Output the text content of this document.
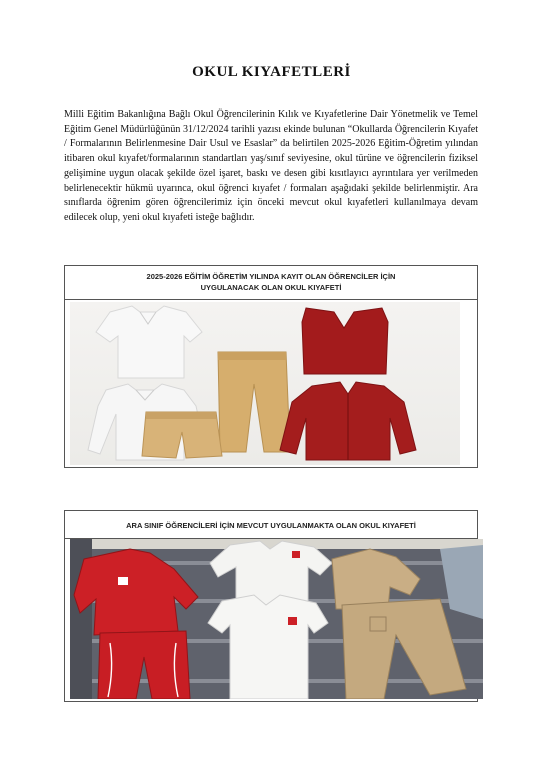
OKUL KIYAFETLERİ
Milli Eğitim Bakanlığına Bağlı Okul Öğrencilerinin Kılık ve Kıyafetlerine Dair Yönetmelik ve Temel Eğitim Genel Müdürlüğünün 31/12/2024 tarihli yazısı ekinde bulunan “Okullarda Öğrencilerin Kıyafet / Formalarının Belirlenmesine Dair Usul ve Esaslar” da belirtilen 2025-2026 Eğitim-Öğretim yılından itibaren okul kıyafet/formalarının standartları yaş/sınıf seviyesine, okul türüne ve öğrencilerin fiziksel gelişimine uygun olacak şekilde özel işaret, baskı ve desen gibi kısıtlayıcı ayrıntılara yer verilmeden belirlenecektir hükmü uyarınca, okul öğrenci kıyafet / formaları aşağıdaki şekilde belirlenmiştir. Ara sınıflarda öğrenim gören öğrencilerimiz için önceki mevcut okul kıyafetleri kullanılmaya devam edilecek olup, yeni okul kıyafeti isteğe bağlıdır.
2025-2026 EĞİTİM ÖĞRETİM YILINDA KAYIT OLAN ÖĞRENCİLER İÇİN
UYGULANACAK OLAN OKUL KIYAFETİ
ARA SINIF ÖĞRENCİLERİ İÇİN MEVCUT UYGULANMAKTA OLAN OKUL KIYAFETİ
